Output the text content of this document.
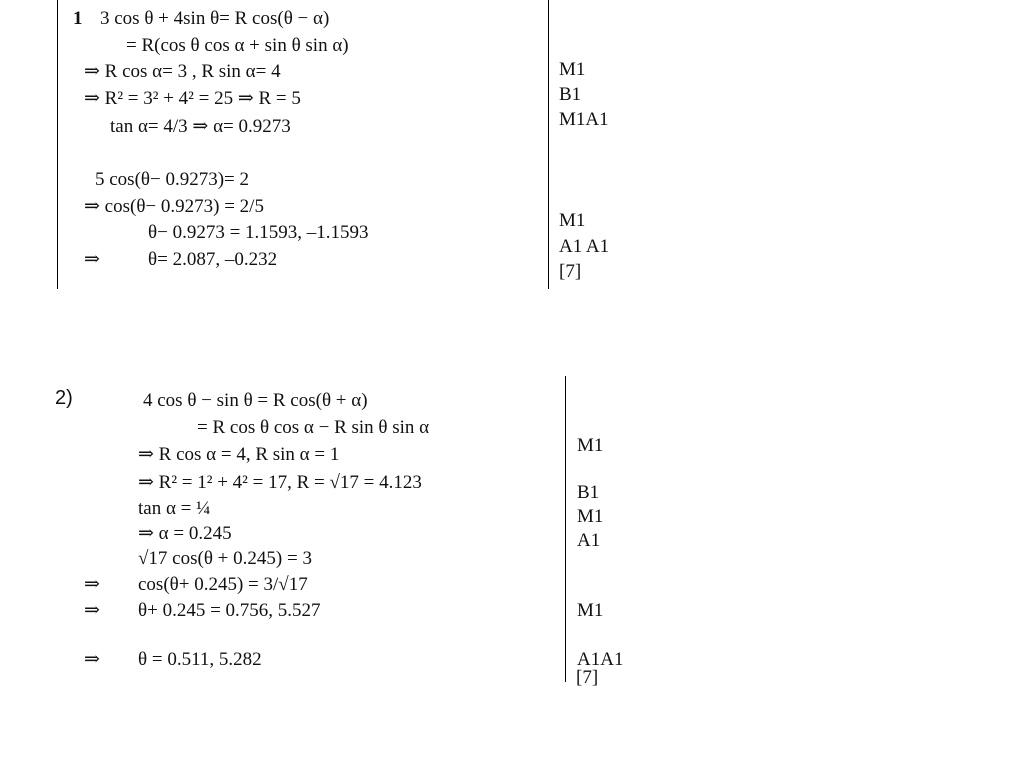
1 3 cos θ + 4sin θ= R cos(θ − α)
= R(cos θ cos α + sin θ sin α)
⇒ R cos α= 3 , R sin α= 4
⇒ R² = 3² + 4² = 25 ⇒ R = 5
tan α= 4/3 ⇒ α= 0.9273
5 cos(θ− 0.9273)= 2
⇒ cos(θ− 0.9273) = 2/5
θ− 0.9273 = 1.1593, –1.1593
⇒	θ= 2.087, –0.232
M1
B1
M1A1
M1
A1 A1
[7]
2)	4 cos θ − sin θ = R cos(θ + α)
= R cos θ cos α − R sin θ sin α
⇒ R cos α = 4, R sin α = 1
⇒ R² = 1² + 4² = 17, R = √17 = 4.123
tan α = ¼
⇒ α = 0.245
√17 cos(θ + 0.245) = 3
⇒ cos(θ+ 0.245) = 3/√17
⇒ θ+ 0.245 = 0.756, 5.527
⇒ θ = 0.511, 5.282
M1
B1
M1
A1
M1
A1A1
[7]
